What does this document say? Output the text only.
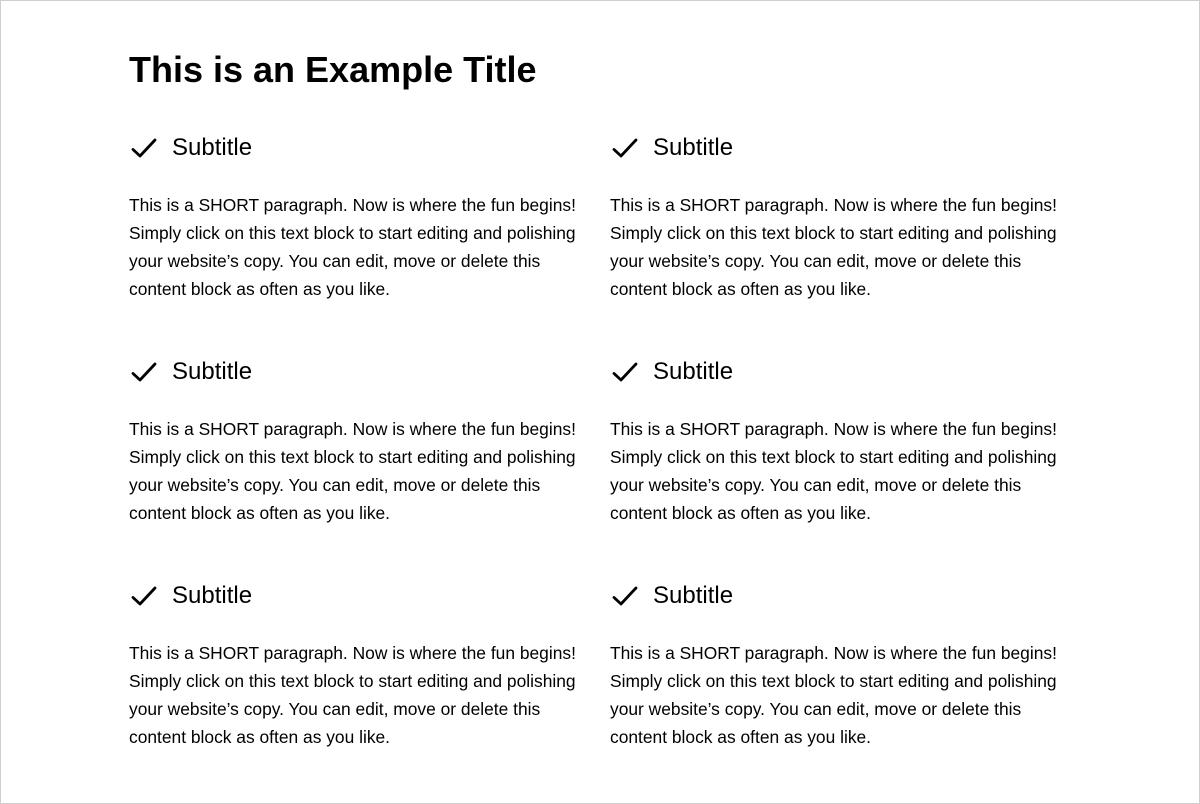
This is an Example Title
Subtitle

This is a SHORT paragraph. Now is where the fun begins! Simply click on this text block to start editing and polishing your website’s copy. You can edit, move or delete this content block as often as you like.

Subtitle

This is a SHORT paragraph. Now is where the fun begins! Simply click on this text block to start editing and polishing your website’s copy. You can edit, move or delete this content block as often as you like.

Subtitle

This is a SHORT paragraph. Now is where the fun begins! Simply click on this text block to start editing and polishing your website’s copy. You can edit, move or delete this content block as often as you like.

Subtitle

This is a SHORT paragraph. Now is where the fun begins! Simply click on this text block to start editing and polishing your website’s copy. You can edit, move or delete this content block as often as you like.

Subtitle

This is a SHORT paragraph. Now is where the fun begins! Simply click on this text block to start editing and polishing your website’s copy. You can edit, move or delete this content block as often as you like.

Subtitle

This is a SHORT paragraph. Now is where the fun begins! Simply click on this text block to start editing and polishing your website’s copy. You can edit, move or delete this content block as often as you like.
